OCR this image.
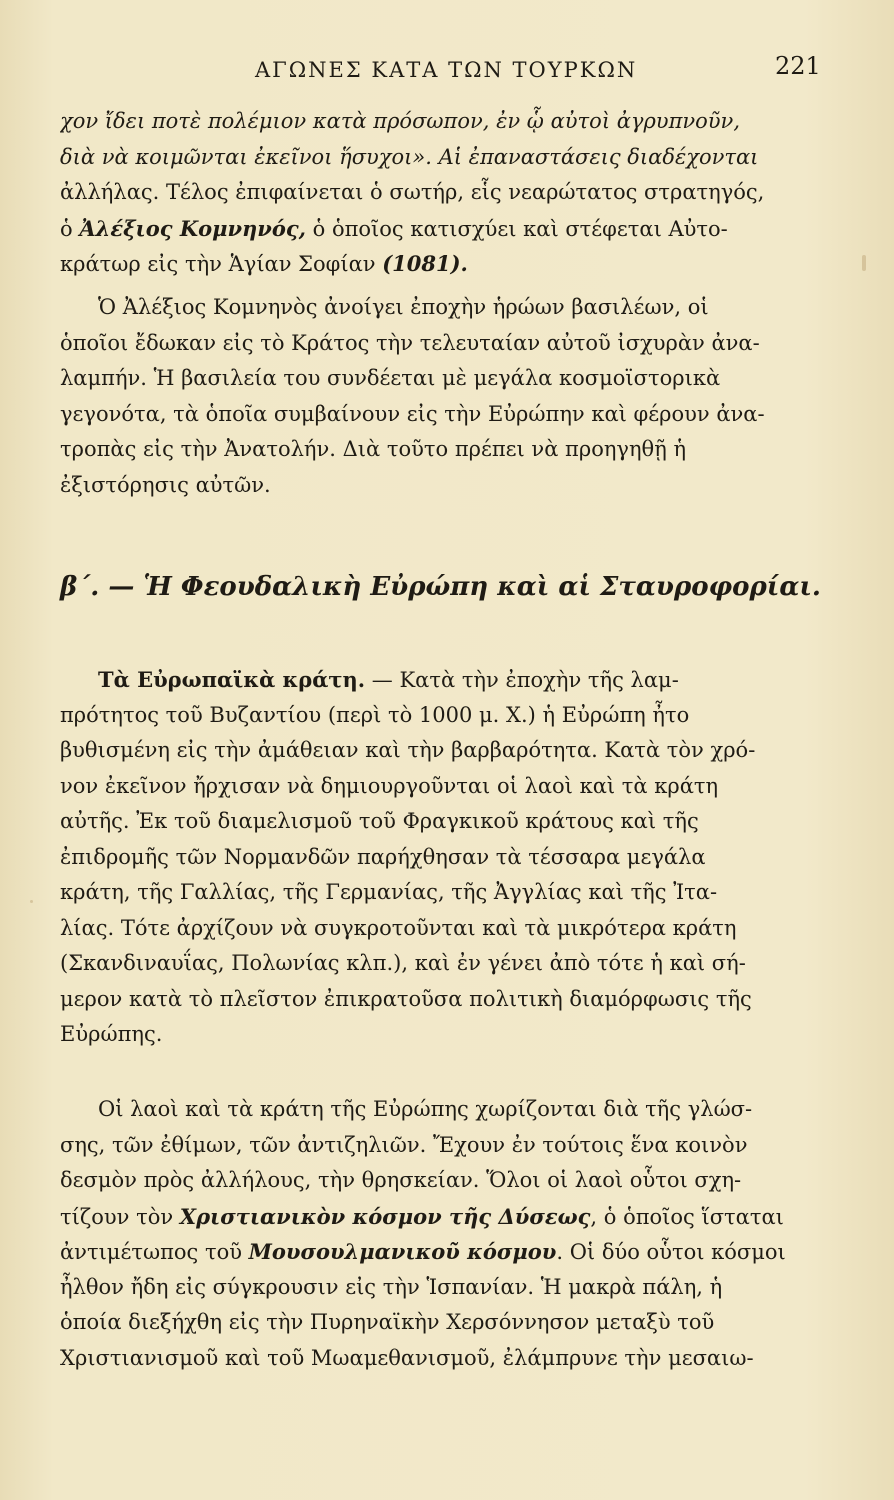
ΑΓΩΝΕΣ ΚΑΤΑ ΤΩΝ ΤΟΥΡΚΩΝ	221
χον ἴδει ποτὲ πολέμιον κατὰ πρόσωπον, ἐν ᾧ αὐτοὶ ἀγρυπνοῦν,
διὰ νὰ κοιμῶνται ἐκεῖνοι ἥσυχοι». Αἱ ἐπαναστάσεις διαδέχονται
ἀλλήλας. Τέλος ἐπιφαίνεται ὁ σωτήρ, εἷς νεαρώτατος στρατηγός,
ὁ Ἀλέξιος Κομνηνός, ὁ ὁποῖος κατισχύει καὶ στέφεται Αὐτο-
κράτωρ εἰς τὴν Ἁγίαν Σοφίαν (1081).
Ὁ Ἀλέξιος Κομνηνὸς ἀνοίγει ἐποχὴν ἡρώων βασιλέων, οἱ
ὁποῖοι ἔδωκαν εἰς τὸ Κράτος τὴν τελευταίαν αὐτοῦ ἰσχυρὰν ἀνα-
λαμπήν. Ἡ βασιλεία του συνδέεται μὲ μεγάλα κοσμοϊστορικὰ
γεγονότα, τὰ ὁποῖα συμβαίνουν εἰς τὴν Εὐρώπην καὶ φέρουν ἀνα-
τροπὰς εἰς τὴν Ἀνατολήν. Διὰ τοῦτο πρέπει νὰ προηγηθῇ ἡ
ἐξιστόρησις αὐτῶν.
β΄. — Ἡ Φεουδαλικὴ Εὐρώπη καὶ αἱ Σταυροφορίαι.
Τὰ Εὐρωπαϊκὰ κράτη. — Κατὰ τὴν ἐποχὴν τῆς λαμ-
πρότητος τοῦ Βυζαντίου (περὶ τὸ 1000 μ. Χ.) ἡ Εὐρώπη ἦτο
βυθισμένη εἰς τὴν ἀμάθειαν καὶ τὴν βαρβαρότητα. Κατὰ τὸν χρό-
νον ἐκεῖνον ἤρχισαν νὰ δημιουργοῦνται οἱ λαοὶ καὶ τὰ κράτη
αὐτῆς. Ἐκ τοῦ διαμελισμοῦ τοῦ Φραγκικοῦ κράτους καὶ τῆς
ἐπιδρομῆς τῶν Νορμανδῶν παρήχθησαν τὰ τέσσαρα μεγάλα
κράτη, τῆς Γαλλίας, τῆς Γερμανίας, τῆς Ἀγγλίας καὶ τῆς Ἰτα-
λίας. Τότε ἀρχίζουν νὰ συγκροτοῦνται καὶ τὰ μικρότερα κράτη
(Σκανδιναυΐας, Πολωνίας κλπ.), καὶ ἐν γένει ἀπὸ τότε ἡ καὶ σή-
μερον κατὰ τὸ πλεῖστον ἐπικρατοῦσα πολιτικὴ διαμόρφωσις τῆς
Εὐρώπης.
Οἱ λαοὶ καὶ τὰ κράτη τῆς Εὐρώπης χωρίζονται διὰ τῆς γλώσ-
σης, τῶν ἐθίμων, τῶν ἀντιζηλιῶν. Ἔχουν ἐν τούτοις ἕνα κοινὸν
δεσμὸν πρὸς ἀλλήλους, τὴν θρησκείαν. Ὅλοι οἱ λαοὶ οὗτοι σχη-
τίζουν τὸν Χριστιανικὸν κόσμον τῆς Δύσεως, ὁ ὁποῖος ἵσταται
ἀντιμέτωπος τοῦ Μουσουλμανικοῦ κόσμου. Οἱ δύο οὗτοι κόσμοι
ἦλθον ἤδη εἰς σύγκρουσιν εἰς τὴν Ἱσπανίαν. Ἡ μακρὰ πάλη, ἡ
ὁποία διεξήχθη εἰς τὴν Πυρηναϊκὴν Χερσόννησον μεταξὺ τοῦ
Χριστιανισμοῦ καὶ τοῦ Μωαμεθανισμοῦ, ἐλάμπρυνε τὴν μεσαιω-
